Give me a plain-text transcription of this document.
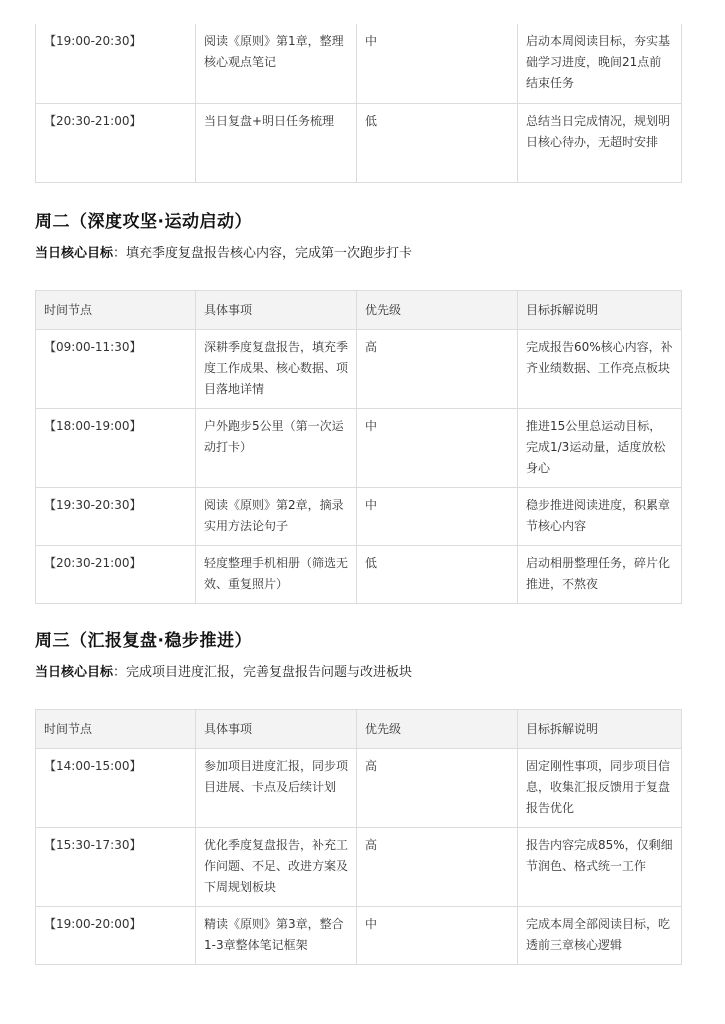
【19:00-20:30】	阅读《原则》第1章，整理核心观点笔记	中	启动本周阅读目标，夯实基础学习进度，晚间21点前结束任务
【20:30-21:00】	当日复盘+明日任务梳理	低	总结当日完成情况，规划明日核心待办，无超时安排
周二（深度攻坚·运动启动）
当日核心目标：填充季度复盘报告核心内容，完成第一次跑步打卡
时间节点	具体事项	优先级	目标拆解说明
【09:00-11:30】	深耕季度复盘报告，填充季度工作成果、核心数据、项目落地详情	高	完成报告60%核心内容，补齐业绩数据、工作亮点板块
【18:00-19:00】	户外跑步5公里（第一次运动打卡）	中	推进15公里总运动目标，完成1/3运动量，适度放松身心
【19:30-20:30】	阅读《原则》第2章，摘录实用方法论句子	中	稳步推进阅读进度，积累章节核心内容
【20:30-21:00】	轻度整理手机相册（筛选无效、重复照片）	低	启动相册整理任务，碎片化推进，不熬夜
周三（汇报复盘·稳步推进）
当日核心目标：完成项目进度汇报，完善复盘报告问题与改进板块
时间节点	具体事项	优先级	目标拆解说明
【14:00-15:00】	参加项目进度汇报，同步项目进展、卡点及后续计划	高	固定刚性事项，同步项目信息，收集汇报反馈用于复盘报告优化
【15:30-17:30】	优化季度复盘报告，补充工作问题、不足、改进方案及下周规划板块	高	报告内容完成85%，仅剩细节润色、格式统一工作
【19:00-20:00】	精读《原则》第3章，整合1-3章整体笔记框架	中	完成本周全部阅读目标，吃透前三章核心逻辑
